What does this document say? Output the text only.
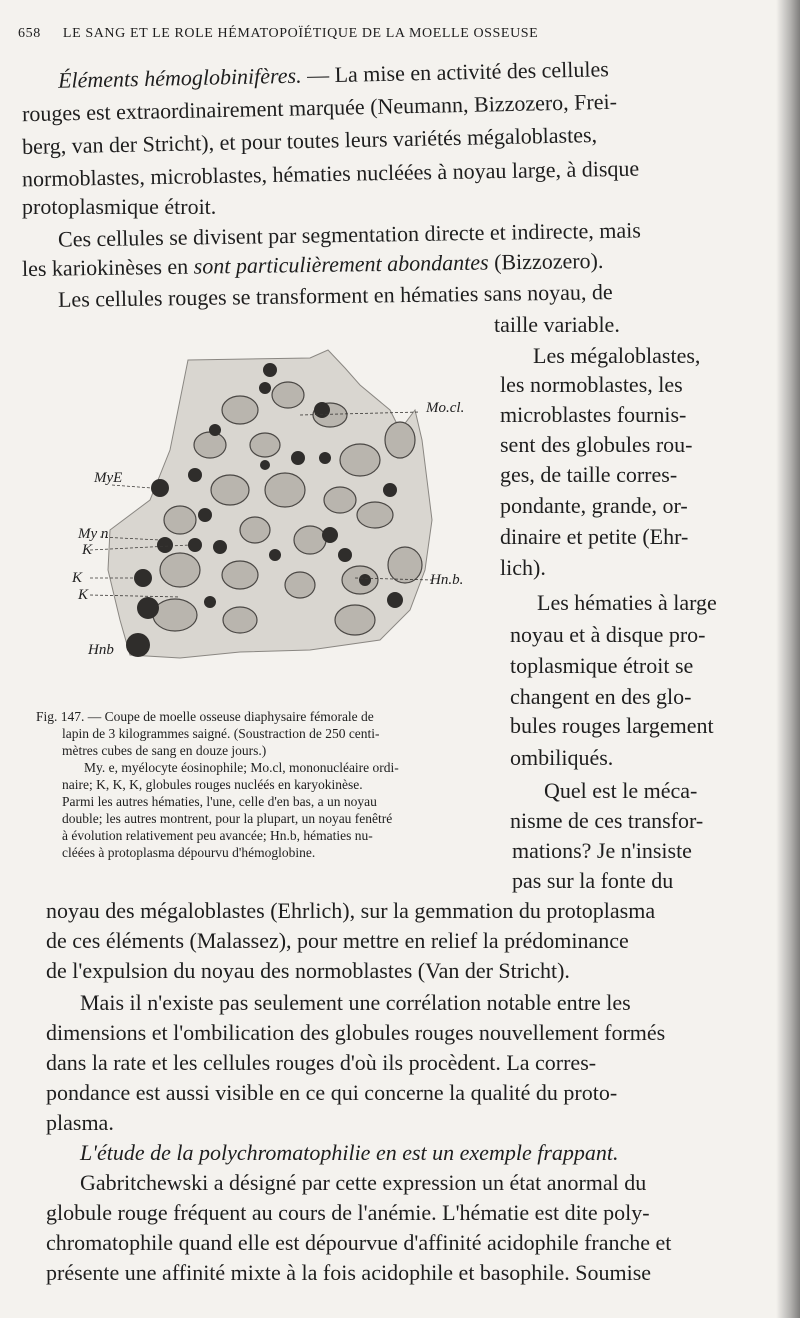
658 LE SANG ET LE ROLE HÉMATOPOÏÉTIQUE DE LA MOELLE OSSEUSE
Éléments hémoglobinifères. — La mise en activité des cellules
rouges est extraordinairement marquée (Neumann, Bizzozero, Frei-
berg, van der Stricht), et pour toutes leurs variétés mégaloblastes,
normoblastes, microblastes, hématies nucléées à noyau large, à disque
protoplasmique étroit.
Ces cellules se divisent par segmentation directe et indirecte, mais
les kariokinèses en sont particulièrement abondantes (Bizzozero).
Les cellules rouges se transforment en hématies sans noyau, de
taille variable.
Les mégaloblastes,
les normoblastes, les
microblastes fournis-
sent des globules rou-
ges, de taille corres-
pondante, grande, or-
dinaire et petite (Ehr-
lich).
Les hématies à large
noyau et à disque pro-
toplasmique étroit se
changent en des glo-
bules rouges largement
ombiliqués.
Quel est le méca-
nisme de ces transfor-
mations? Je n'insiste
pas sur la fonte du
Mo.cl.
MyE
My n
K
K
K
Hn.b.
Hnb
Fig. 147. — Coupe de moelle osseuse diaphysaire fémorale de
lapin de 3 kilogrammes saigné. (Soustraction de 250 centi-
mètres cubes de sang en douze jours.)
My. e, myélocyte éosinophile; Mo.cl, mononucléaire ordi-
naire; K, K, K, globules rouges nucléés en karyokinèse.
Parmi les autres hématies, l'une, celle d'en bas, a un noyau
double; les autres montrent, pour la plupart, un noyau fenêtré
à évolution relativement peu avancée; Hn.b, hématies nu-
cléées à protoplasma dépourvu d'hémoglobine.
noyau des mégaloblastes (Ehrlich), sur la gemmation du protoplasma
de ces éléments (Malassez), pour mettre en relief la prédominance
de l'expulsion du noyau des normoblastes (Van der Stricht).
Mais il n'existe pas seulement une corrélation notable entre les
dimensions et l'ombilication des globules rouges nouvellement formés
dans la rate et les cellules rouges d'où ils procèdent. La corres-
pondance est aussi visible en ce qui concerne la qualité du proto-
plasma.
L'étude de la polychromatophilie en est un exemple frappant.
Gabritchewski a désigné par cette expression un état anormal du
globule rouge fréquent au cours de l'anémie. L'hématie est dite poly-
chromatophile quand elle est dépourvue d'affinité acidophile franche et
présente une affinité mixte à la fois acidophile et basophile. Soumise
